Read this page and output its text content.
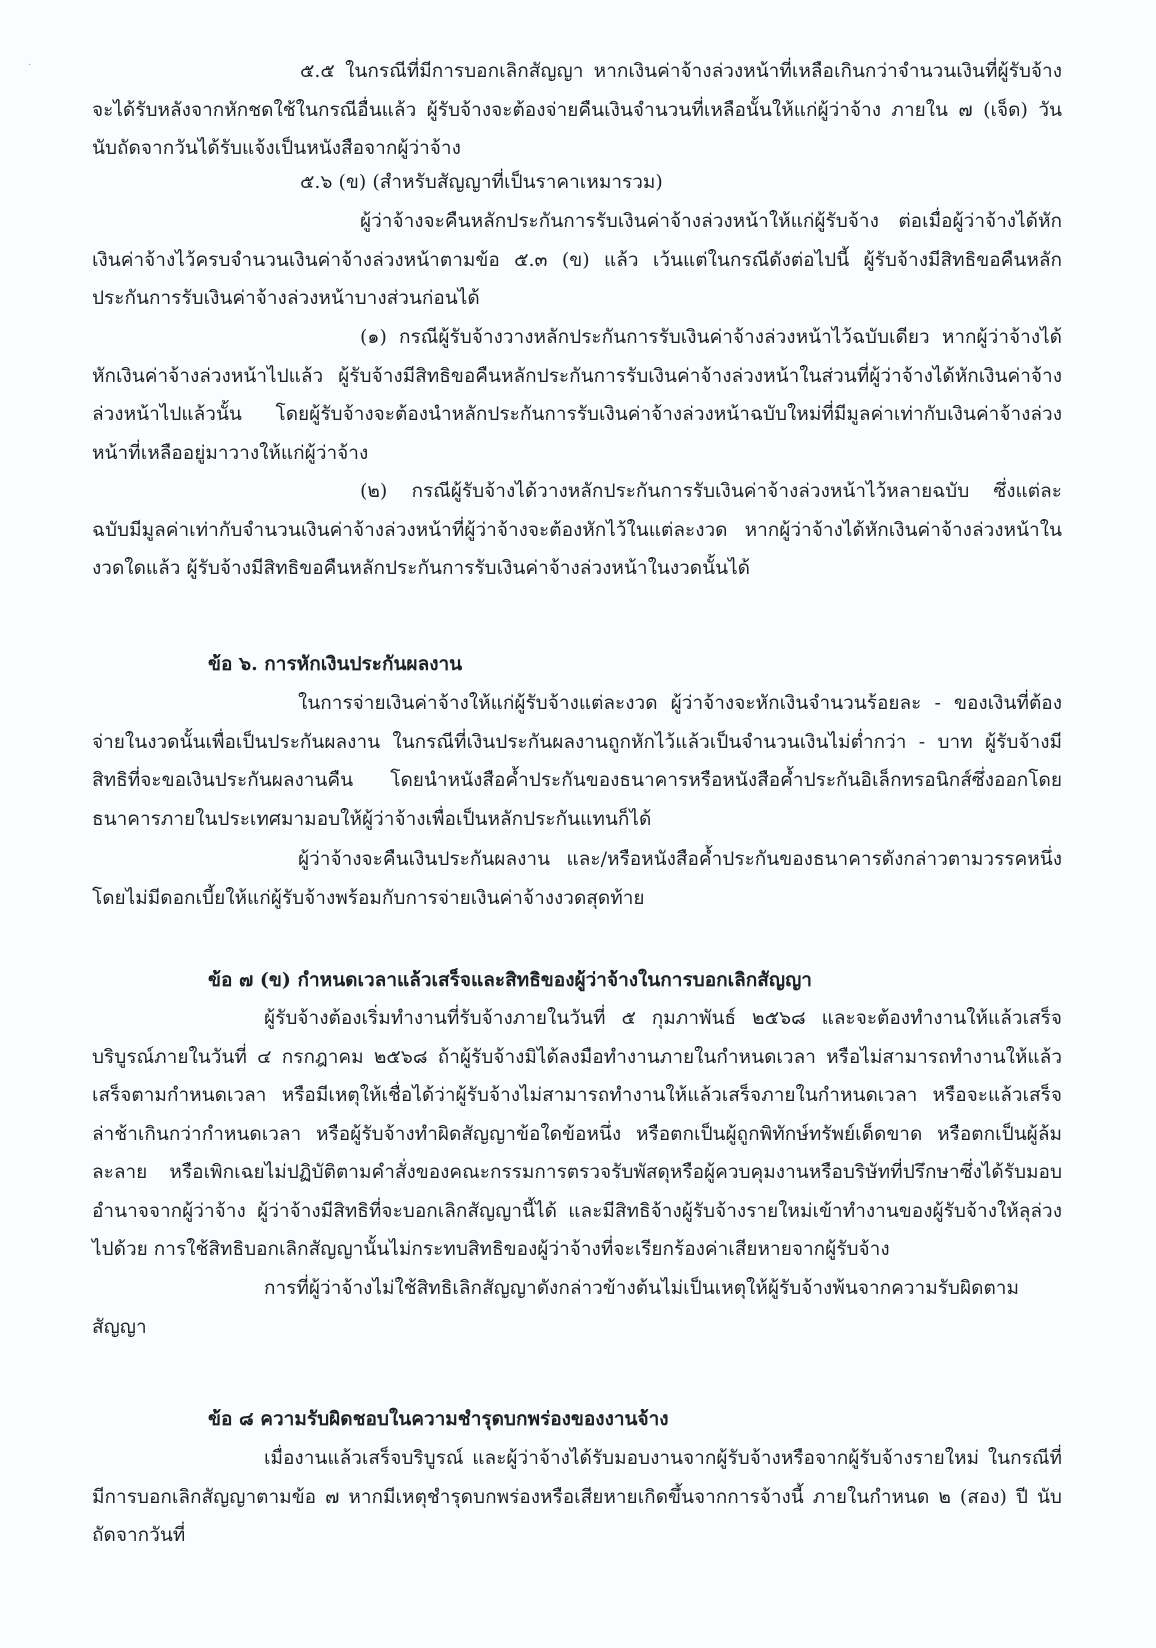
·	๕.๕ ในกรณีที่มีการบอกเลิกสัญญา หากเงินค่าจ้างล่วงหน้าที่เหลือเกินกว่าจำนวนเงินที่ผู้รับจ้างจะได้รับหลังจากหักชดใช้ในกรณีอื่นแล้ว ผู้รับจ้างจะต้องจ่ายคืนเงินจำนวนที่เหลือนั้นให้แก่ผู้ว่าจ้าง ภายใน ๗ (เจ็ด) วัน นับถัดจากวันได้รับแจ้งเป็นหนังสือจากผู้ว่าจ้าง

๕.๖ (ข) (สำหรับสัญญาที่เป็นราคาเหมารวม)

ผู้ว่าจ้างจะคืนหลักประกันการรับเงินค่าจ้างล่วงหน้าให้แก่ผู้รับจ้าง ต่อเมื่อผู้ว่าจ้างได้หักเงินค่าจ้างไว้ครบจำนวนเงินค่าจ้างล่วงหน้าตามข้อ ๕.๓ (ข) แล้ว เว้นแต่ในกรณีดังต่อไปนี้ ผู้รับจ้างมีสิทธิขอคืนหลักประกันการรับเงินค่าจ้างล่วงหน้าบางส่วนก่อนได้

(๑) กรณีผู้รับจ้างวางหลักประกันการรับเงินค่าจ้างล่วงหน้าไว้ฉบับเดียว หากผู้ว่าจ้างได้หักเงินค่าจ้างล่วงหน้าไปแล้ว ผู้รับจ้างมีสิทธิขอคืนหลักประกันการรับเงินค่าจ้างล่วงหน้าในส่วนที่ผู้ว่าจ้างได้หักเงินค่าจ้างล่วงหน้าไปแล้วนั้น โดยผู้รับจ้างจะต้องนำหลักประกันการรับเงินค่าจ้างล่วงหน้าฉบับใหม่ที่มีมูลค่าเท่ากับเงินค่าจ้างล่วงหน้าที่เหลืออยู่มาวางให้แก่ผู้ว่าจ้าง

(๒) กรณีผู้รับจ้างได้วางหลักประกันการรับเงินค่าจ้างล่วงหน้าไว้หลายฉบับ ซึ่งแต่ละฉบับมีมูลค่าเท่ากับจำนวนเงินค่าจ้างล่วงหน้าที่ผู้ว่าจ้างจะต้องหักไว้ในแต่ละงวด หากผู้ว่าจ้างได้หักเงินค่าจ้างล่วงหน้าในงวดใดแล้ว ผู้รับจ้างมีสิทธิขอคืนหลักประกันการรับเงินค่าจ้างล่วงหน้าในงวดนั้นได้

ข้อ ๖. การหักเงินประกันผลงาน

ในการจ่ายเงินค่าจ้างให้แก่ผู้รับจ้างแต่ละงวด ผู้ว่าจ้างจะหักเงินจำนวนร้อยละ - ของเงินที่ต้องจ่ายในงวดนั้นเพื่อเป็นประกันผลงาน ในกรณีที่เงินประกันผลงานถูกหักไว้แล้วเป็นจำนวนเงินไม่ต่ำกว่า - บาท ผู้รับจ้างมีสิทธิที่จะขอเงินประกันผลงานคืน โดยนำหนังสือค้ำประกันของธนาคารหรือหนังสือค้ำประกันอิเล็กทรอนิกส์ซึ่งออกโดยธนาคารภายในประเทศมามอบให้ผู้ว่าจ้างเพื่อเป็นหลักประกันแทนก็ได้

ผู้ว่าจ้างจะคืนเงินประกันผลงาน และ/หรือหนังสือค้ำประกันของธนาคารดังกล่าวตามวรรคหนึ่งโดยไม่มีดอกเบี้ยให้แก่ผู้รับจ้างพร้อมกับการจ่ายเงินค่าจ้างงวดสุดท้าย

ข้อ ๗ (ข) กำหนดเวลาแล้วเสร็จและสิทธิของผู้ว่าจ้างในการบอกเลิกสัญญา

ผู้รับจ้างต้องเริ่มทำงานที่รับจ้างภายในวันที่ ๕ กุมภาพันธ์ ๒๕๖๘ และจะต้องทำงานให้แล้วเสร็จบริบูรณ์ภายในวันที่ ๔ กรกฎาคม ๒๕๖๘ ถ้าผู้รับจ้างมิได้ลงมือทำงานภายในกำหนดเวลา หรือไม่สามารถทำงานให้แล้วเสร็จตามกำหนดเวลา หรือมีเหตุให้เชื่อได้ว่าผู้รับจ้างไม่สามารถทำงานให้แล้วเสร็จภายในกำหนดเวลา หรือจะแล้วเสร็จล่าช้าเกินกว่ากำหนดเวลา หรือผู้รับจ้างทำผิดสัญญาข้อใดข้อหนึ่ง หรือตกเป็นผู้ถูกพิทักษ์ทรัพย์เด็ดขาด หรือตกเป็นผู้ล้มละลาย หรือเพิกเฉยไม่ปฏิบัติตามคำสั่งของคณะกรรมการตรวจรับพัสดุหรือผู้ควบคุมงานหรือบริษัทที่ปรึกษาซึ่งได้รับมอบอำนาจจากผู้ว่าจ้าง ผู้ว่าจ้างมีสิทธิที่จะบอกเลิกสัญญานี้ได้ และมีสิทธิจ้างผู้รับจ้างรายใหม่เข้าทำงานของผู้รับจ้างให้ลุล่วงไปด้วย การใช้สิทธิบอกเลิกสัญญานั้นไม่กระทบสิทธิของผู้ว่าจ้างที่จะเรียกร้องค่าเสียหายจากผู้รับจ้าง

การที่ผู้ว่าจ้างไม่ใช้สิทธิเลิกสัญญาดังกล่าวข้างต้นไม่เป็นเหตุให้ผู้รับจ้างพ้นจากความรับผิดตามสัญญา

ข้อ ๘ ความรับผิดชอบในความชำรุดบกพร่องของงานจ้าง

เมื่องานแล้วเสร็จบริบูรณ์ และผู้ว่าจ้างได้รับมอบงานจากผู้รับจ้างหรือจากผู้รับจ้างรายใหม่ ในกรณีที่มีการบอกเลิกสัญญาตามข้อ ๗ หากมีเหตุชำรุดบกพร่องหรือเสียหายเกิดขึ้นจากการจ้างนี้ ภายในกำหนด ๒ (สอง) ปี นับถัดจากวันที่
